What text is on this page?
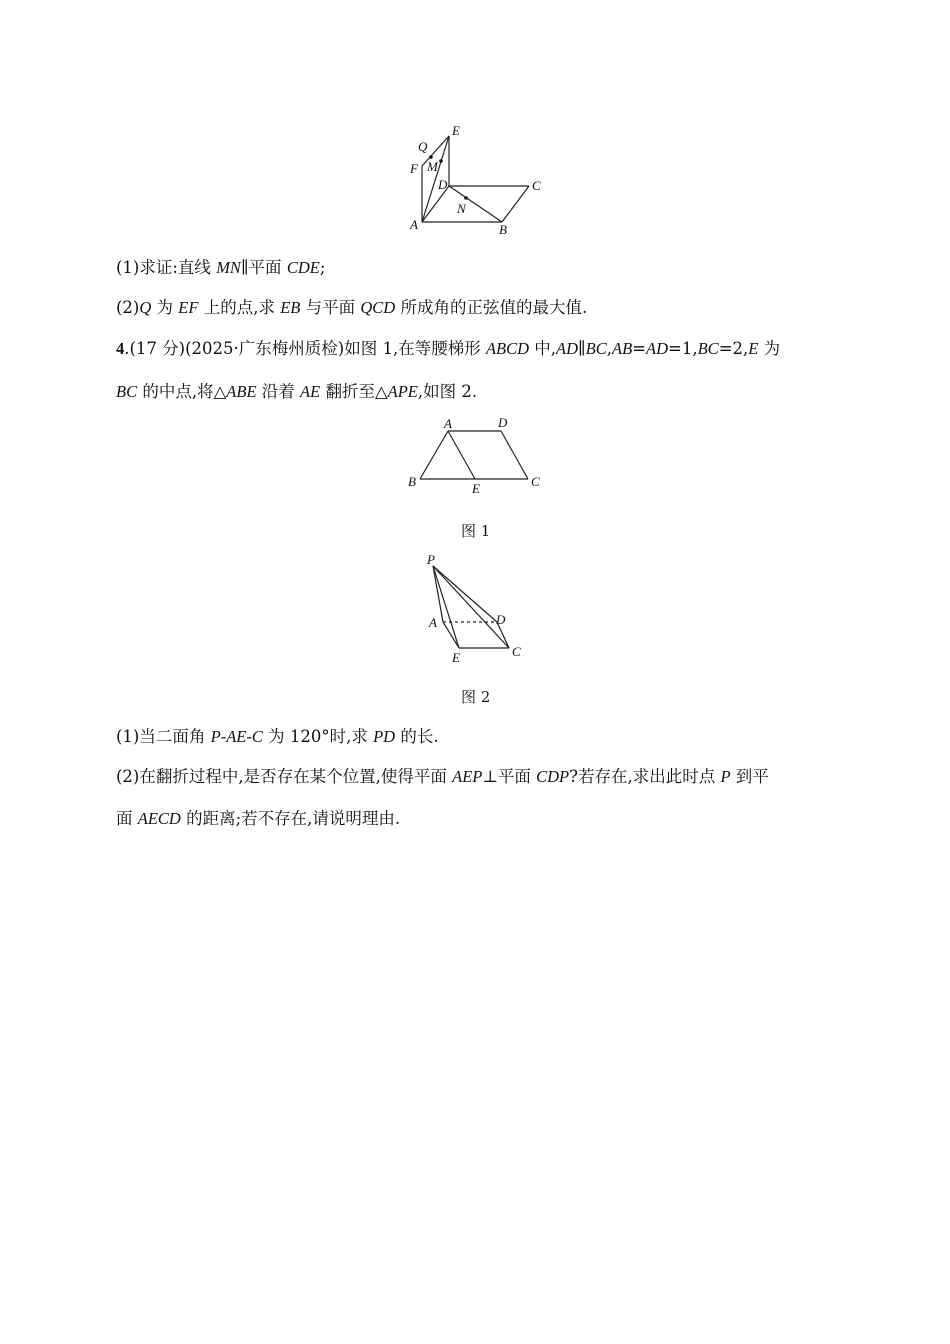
E
Q
M
F
D	C
N
A	B
(1)求证:直线 MN∥平面 CDE;
(2)Q 为 EF 上的点,求 EB 与平面 QCD 所成角的正弦值的最大值.
4.(17 分)(2025·广东梅州质检)如图 1,在等腰梯形 ABCD 中,AD∥BC,AB=AD=1,BC=2,E 为
BC 的中点,将△ABE 沿着 AE 翻折至△APE,如图 2.
A	D
B	E	C
图 1
P
A	D
E	C
图 2
(1)当二面角 P-AE-C 为 120°时,求 PD 的长.
(2)在翻折过程中,是否存在某个位置,使得平面 AEP⊥平面 CDP?若存在,求出此时点 P 到平
面 AECD 的距离;若不存在,请说明理由.
